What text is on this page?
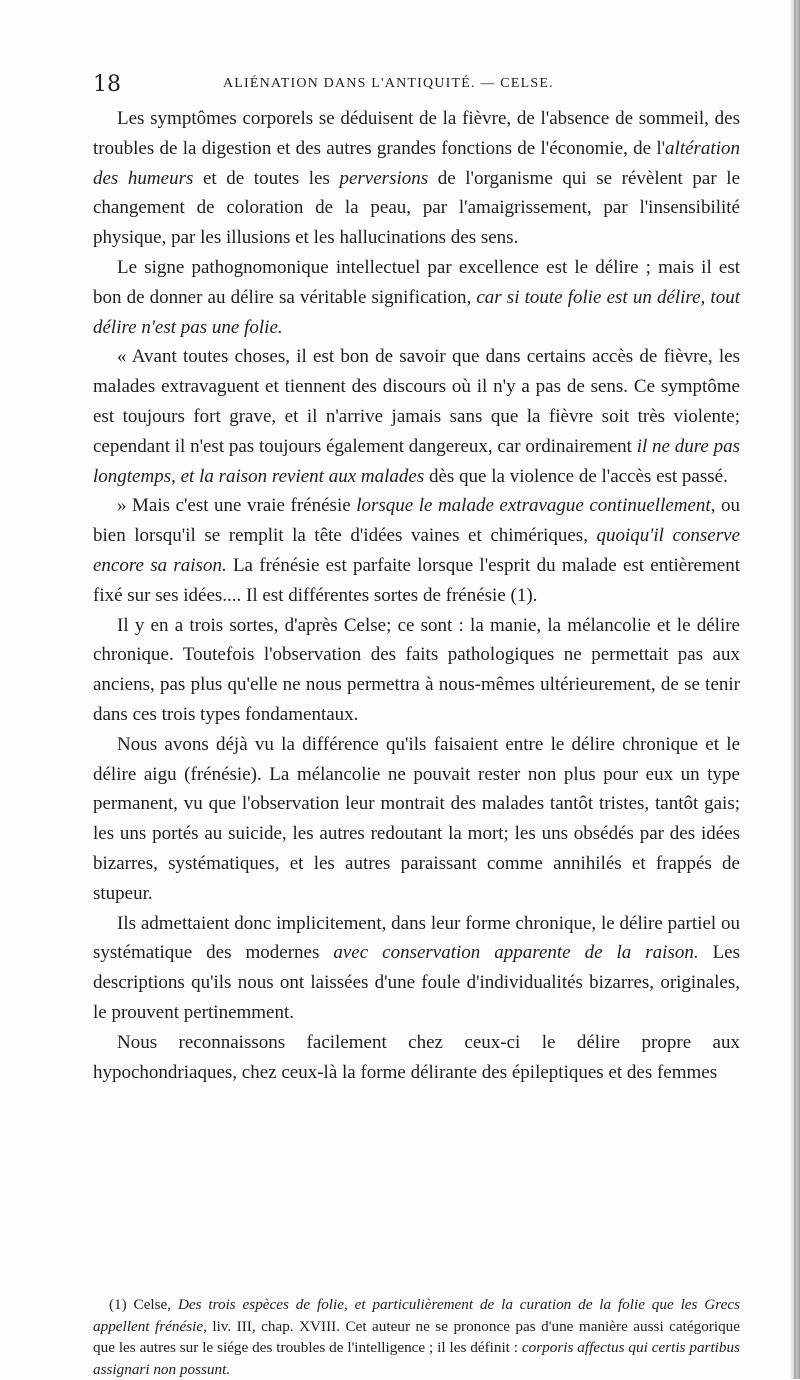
18	ALIÉNATION DANS L'ANTIQUITÉ. — CELSE.

Les symptômes corporels se déduisent de la fièvre, de l'absence de sommeil, des troubles de la digestion et des autres grandes fonctions de l'économie, de l'altération des humeurs et de toutes les perversions de l'organisme qui se révèlent par le changement de coloration de la peau, par l'amaigrissement, par l'insensibilité physique, par les illusions et les hallucinations des sens.

Le signe pathognomonique intellectuel par excellence est le délire ; mais il est bon de donner au délire sa véritable signification, car si toute folie est un délire, tout délire n'est pas une folie.

« Avant toutes choses, il est bon de savoir que dans certains accès de fièvre, les malades extravaguent et tiennent des discours où il n'y a pas de sens. Ce symptôme est toujours fort grave, et il n'arrive jamais sans que la fièvre soit très violente; cependant il n'est pas toujours également dangereux, car ordinairement il ne dure pas longtemps, et la raison revient aux malades dès que la violence de l'accès est passé.

» Mais c'est une vraie frénésie lorsque le malade extravague continuellement, ou bien lorsqu'il se remplit la tête d'idées vaines et chimériques, quoiqu'il conserve encore sa raison. La frénésie est parfaite lorsque l'esprit du malade est entièrement fixé sur ses idées.... Il est différentes sortes de frénésie (1).

Il y en a trois sortes, d'après Celse; ce sont : la manie, la mélancolie et le délire chronique. Toutefois l'observation des faits pathologiques ne permettait pas aux anciens, pas plus qu'elle ne nous permettra à nous-mêmes ultérieurement, de se tenir dans ces trois types fondamentaux.

Nous avons déjà vu la différence qu'ils faisaient entre le délire chronique et le délire aigu (frénésie). La mélancolie ne pouvait rester non plus pour eux un type permanent, vu que l'observation leur montrait des malades tantôt tristes, tantôt gais; les uns portés au suicide, les autres redoutant la mort; les uns obsédés par des idées bizarres, systématiques, et les autres paraissant comme annihilés et frappés de stupeur.

Ils admettaient donc implicitement, dans leur forme chronique, le délire partiel ou systématique des modernes avec conservation apparente de la raison. Les descriptions qu'ils nous ont laissées d'une foule d'individualités bizarres, originales, le prouvent pertinemment.

Nous reconnaissons facilement chez ceux-ci le délire propre aux hypochondriaques, chez ceux-là la forme délirante des épileptiques et des femmes

(1) Celse, Des trois espèces de folie, et particulièrement de la curation de la folie que les Grecs appellent frénésie, liv. III, chap. XVIII. Cet auteur ne se prononce pas d'une manière aussi catégorique que les autres sur le siége des troubles de l'intelligence ; il les définit : corporis affectus qui certis partibus assignari non possunt.
